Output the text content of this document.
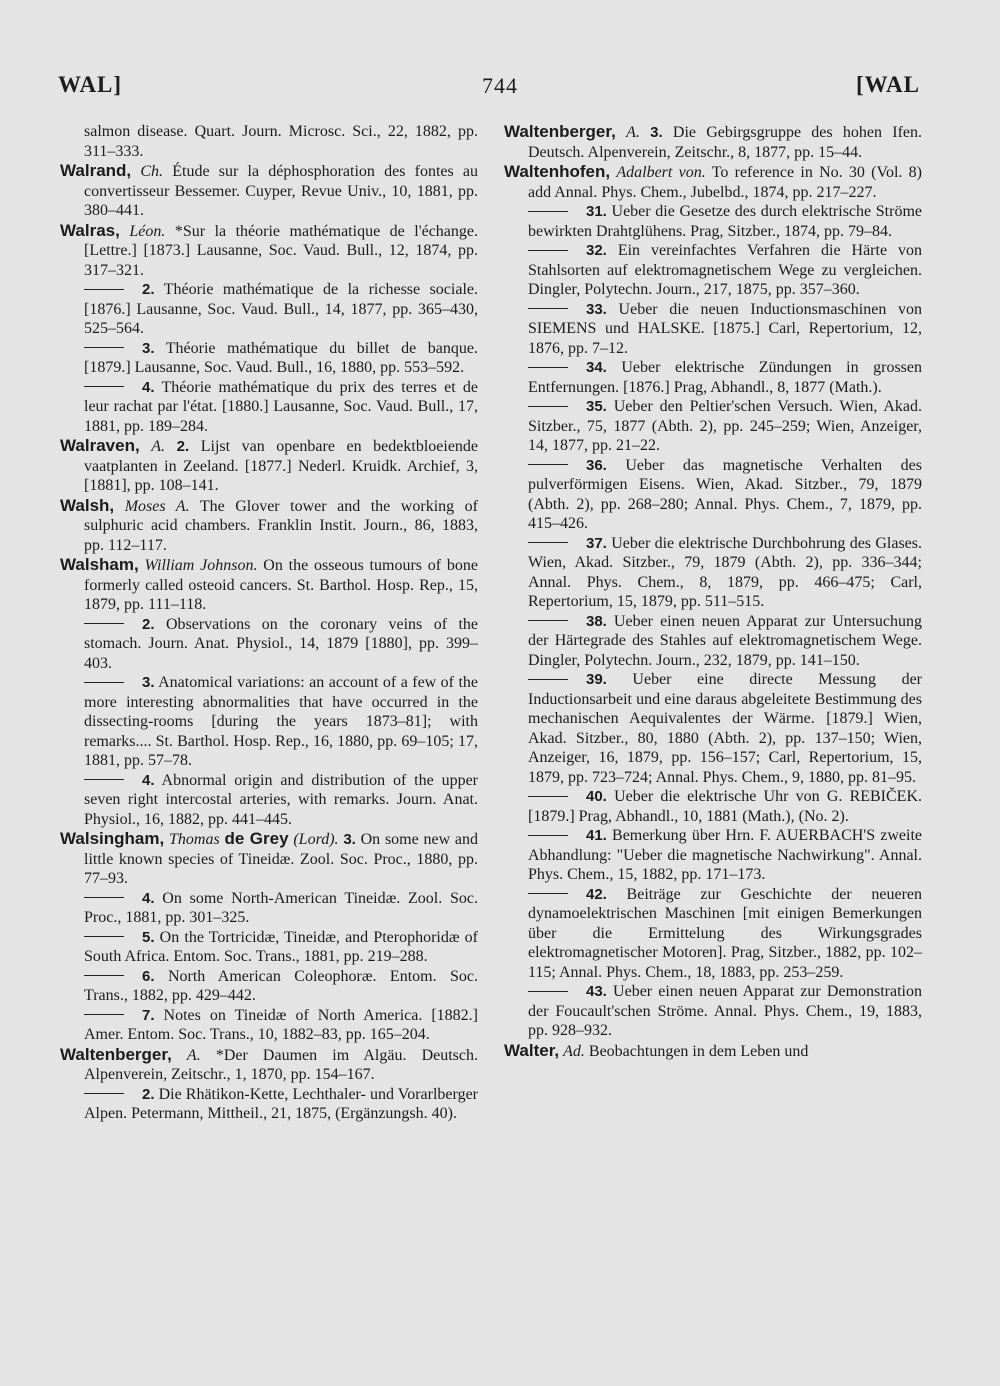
WAL]	744	[WAL

salmon disease. Quart. Journ. Microsc. Sci., 22, 1882, pp. 311–333.

Walrand, Ch. Étude sur la déphosphoration des fontes au convertisseur Bessemer. Cuyper, Revue Univ., 10, 1881, pp. 380–441.

Walras, Léon. *Sur la théorie mathématique de l'échange. [Lettre.] [1873.] Lausanne, Soc. Vaud. Bull., 12, 1874, pp. 317–321.

2. Théorie mathématique de la richesse sociale. [1876.] Lausanne, Soc. Vaud. Bull., 14, 1877, pp. 365–430, 525–564.

3. Théorie mathématique du billet de banque. [1879.] Lausanne, Soc. Vaud. Bull., 16, 1880, pp. 553–592.

4. Théorie mathématique du prix des terres et de leur rachat par l'état. [1880.] Lausanne, Soc. Vaud. Bull., 17, 1881, pp. 189–284.

Walraven, A. 2. Lijst van openbare en bedektbloeiende vaatplanten in Zeeland. [1877.] Nederl. Kruidk. Archief, 3, [1881], pp. 108–141.

Walsh, Moses A. The Glover tower and the working of sulphuric acid chambers. Franklin Instit. Journ., 86, 1883, pp. 112–117.

Walsham, William Johnson. On the osseous tumours of bone formerly called osteoid cancers. St. Barthol. Hosp. Rep., 15, 1879, pp. 111–118.

2. Observations on the coronary veins of the stomach. Journ. Anat. Physiol., 14, 1879 [1880], pp. 399–403.

3. Anatomical variations: an account of a few of the more interesting abnormalities that have occurred in the dissecting-rooms [during the years 1873–81]; with remarks.... St. Barthol. Hosp. Rep., 16, 1880, pp. 69–105; 17, 1881, pp. 57–78.

4. Abnormal origin and distribution of the upper seven right intercostal arteries, with remarks. Journ. Anat. Physiol., 16, 1882, pp. 441–445.

Walsingham, Thomas de Grey (Lord). 3. On some new and little known species of Tineidæ. Zool. Soc. Proc., 1880, pp. 77–93.

4. On some North-American Tineidæ. Zool. Soc. Proc., 1881, pp. 301–325.

5. On the Tortricidæ, Tineidæ, and Pterophoridæ of South Africa. Entom. Soc. Trans., 1881, pp. 219–288.

6. North American Coleophoræ. Entom. Soc. Trans., 1882, pp. 429–442.

7. Notes on Tineidæ of North America. [1882.] Amer. Entom. Soc. Trans., 10, 1882–83, pp. 165–204.

Waltenberger, A. *Der Daumen im Algäu. Deutsch. Alpenverein, Zeitschr., 1, 1870, pp. 154–167.

2. Die Rhätikon-Kette, Lechthaler- und Vorarlberger Alpen. Petermann, Mittheil., 21, 1875, (Ergänzungsh. 40).

Waltenberger, A. 3. Die Gebirgsgruppe des hohen Ifen. Deutsch. Alpenverein, Zeitschr., 8, 1877, pp. 15–44.

Waltenhofen, Adalbert von. To reference in No. 30 (Vol. 8) add Annal. Phys. Chem., Jubelbd., 1874, pp. 217–227.

31. Ueber die Gesetze des durch elektrische Ströme bewirkten Drahtglühens. Prag, Sitzber., 1874, pp. 79–84.

32. Ein vereinfachtes Verfahren die Härte von Stahlsorten auf elektromagnetischem Wege zu vergleichen. Dingler, Polytechn. Journ., 217, 1875, pp. 357–360.

33. Ueber die neuen Inductionsmaschinen von SIEMENS und HALSKE. [1875.] Carl, Repertorium, 12, 1876, pp. 7–12.

34. Ueber elektrische Zündungen in grossen Entfernungen. [1876.] Prag, Abhandl., 8, 1877 (Math.).

35. Ueber den Peltier'schen Versuch. Wien, Akad. Sitzber., 75, 1877 (Abth. 2), pp. 245–259; Wien, Anzeiger, 14, 1877, pp. 21–22.

36. Ueber das magnetische Verhalten des pulverförmigen Eisens. Wien, Akad. Sitzber., 79, 1879 (Abth. 2), pp. 268–280; Annal. Phys. Chem., 7, 1879, pp. 415–426.

37. Ueber die elektrische Durchbohrung des Glases. Wien, Akad. Sitzber., 79, 1879 (Abth. 2), pp. 336–344; Annal. Phys. Chem., 8, 1879, pp. 466–475; Carl, Repertorium, 15, 1879, pp. 511–515.

38. Ueber einen neuen Apparat zur Untersuchung der Härtegrade des Stahles auf elektromagnetischem Wege. Dingler, Polytechn. Journ., 232, 1879, pp. 141–150.

39. Ueber eine directe Messung der Inductionsarbeit und eine daraus abgeleitete Bestimmung des mechanischen Aequivalentes der Wärme. [1879.] Wien, Akad. Sitzber., 80, 1880 (Abth. 2), pp. 137–150; Wien, Anzeiger, 16, 1879, pp. 156–157; Carl, Repertorium, 15, 1879, pp. 723–724; Annal. Phys. Chem., 9, 1880, pp. 81–95.

40. Ueber die elektrische Uhr von G. REBIČEK. [1879.] Prag, Abhandl., 10, 1881 (Math.), (No. 2).

41. Bemerkung über Hrn. F. AUERBACH'S zweite Abhandlung: "Ueber die magnetische Nachwirkung". Annal. Phys. Chem., 15, 1882, pp. 171–173.

42. Beiträge zur Geschichte der neueren dynamoelektrischen Maschinen [mit einigen Bemerkungen über die Ermittelung des Wirkungsgrades elektromagnetischer Motoren]. Prag, Sitzber., 1882, pp. 102–115; Annal. Phys. Chem., 18, 1883, pp. 253–259.

43. Ueber einen neuen Apparat zur Demonstration der Foucault'schen Ströme. Annal. Phys. Chem., 19, 1883, pp. 928–932.

Walter, Ad. Beobachtungen in dem Leben und
